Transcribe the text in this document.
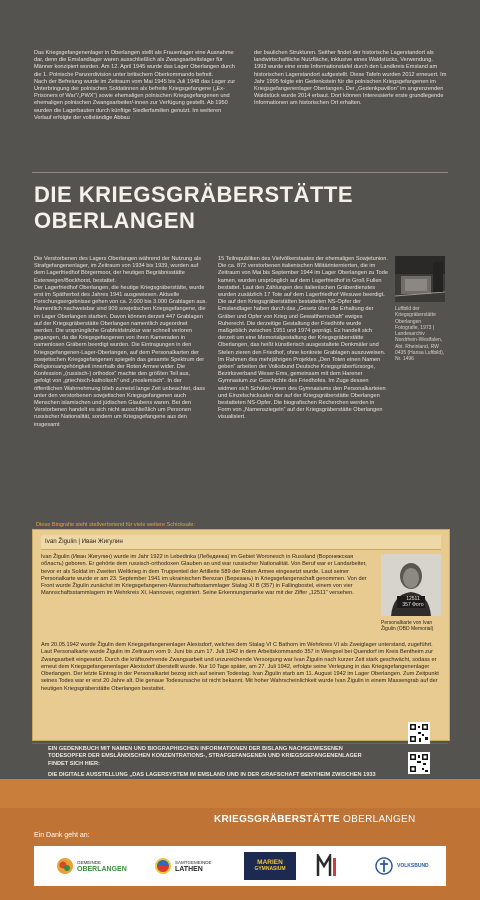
Das Kriegsgefangenenlager in Oberlangen stellt als Frauenlager eine Ausnahme dar, denn die Emslandlager waren ausschließlich als Zwangsarbeitslager für Männer konzipiert worden. Am 12. April 1945 wurde das Lager Oberlangen durch die 1. Polnische Panzerdivision unter britischem Oberkommando befreit.
Nach der Befreiung wurde im Zeitraum vom Mai 1945 bis Juli 1948 das Lager zur Unterbringung der polnischen Soldatinnen als befreite Kriegsgefangene („Ex-Prisoners of War“/„PWX“) sowie ehemaligen polnischen Kriegsgefangenen und ehemaligen polnischen Zwangsarbeiter/-innen zur Verfügung gestellt. Ab 1950 wurden die Lagerbauten durch künftige Siedlerfamilien genutzt. Im weiteren Verlauf erfolgte der vollständige Abbau
der baulichen Strukturen. Seither findet der historische Lagerstandort als landwirtschaftliche Nutzfläche, inklusive eines Waldstücks, Verwendung.
1993 wurde eine erste Informationstafel durch den Landkreis Emsland am historischen Lagerstandort aufgestellt. Diese Tafeln wurden 2012 erneuert. Im Jahr 1995 folgte ein Gedenkstein für die polnischen Kriegsgefangenen im Kriegsgefangenenlager Oberlangen. Der „Gedenkpavillon“ im angrenzenden Waldstück wurde 2014 erbaut. Dort können Interessierte erste grundlegende Informationen am historischen Ort erhalten.
DIE KRIEGSGRÄBERSTÄTTE OBERLANGEN
Die Verstorbenen des Lagers Oberlangen während der Nutzung als Strafgefangenenlager, im Zeitraum von 1934 bis 1939, wurden auf dem Lagerfriedhof Börgermoor, der heutigen Begräbnisstätte Esterwegen/Bockhorst, bestattet.
Der Lagerfriedhof Oberlangen, die heutige Kriegsgräberstätte, wurde erst im Spätherbst des Jahres 1941 ausgewiesen. Aktuelle Forschungsergebnisse gehen von ca. 2.000 bis 3.000 Grablagen aus. Namentlich nachweisbar sind 909 sowjetischen Kriegsgefangene, die im Lager Oberlangen starben. Davon können derzeit 447 Grablagen auf der Kriegsgräberstätte Oberlangen namentlich zugeordnet werden. Die ursprüngliche Grabfeldstruktur war schnell verloren gegangen, da die Kriegsgefangenen von ihren Kameraden in namenlosen Gräbern beerdigt wurden. Die Eintragungen in den Kriegsgefangenen-Lager-Oberlangen, auf dem Personalkarten der sowjetischen Kriegsgefangenen spiegeln das gesamte Spektrum der Religionsangehörigkeit innerhalb der Roten Armee wider. Die Konfession „(russisch-) orthodox“ machte den größten Teil aus, gefolgt von „griechisch-katholisch“ und „moslemisch“. In der öffentlichen Wahrnehmung blieb zumeist lange Zeit unbeachtet, dass unter den verstorbenen sowjetischen Kriegsgefangenen auch Menschen islamischen und jüdischen Glaubens waren. Bei den Verstorbenen handelt es sich nicht ausschließlich um Personen russischer Nationalität, sondern um Kriegsgefangene aus den insgesamt
15 Teilrepubliken des Vielvölkerstaates der ehemaligen Sowjetunion.
Die ca. 872 verstorbenen italienischen Militärinternierten, die im Zeitraum von Mai bis September 1944 im Lager Oberlangen zu Tode kamen, wurden ursprünglich auf dem Lagerfriedhof in Groß Fullen bestattet. Laut den Zählungen des italienischen Gräberdienstes wurden zusätzlich 17 Tote auf dem Lagerfriedhof Wesuwe beerdigt.
Die auf den Kriegsgräberstätten bestatteten NS-Opfer der Emslandlager haben durch das „Gesetz über die Erhaltung der Gräber und Opfer von Krieg und Gewaltherrschaft“ ewiges Ruherecht. Die derzeitige Gestaltung der Friedhöfe wurde maßgeblich zwischen 1951 und 1974 geprägt. Es handelt sich derzeit um eine Memorialgestaltung der Kriegsgräberstätte Oberlangen, das heißt künstlerisch ausgestaltete Denkmäler und Stelen zieren den Friedhof, ohne konkrete Grablagen auszuweisen. Im Rahmen des mehrjährigen Projektes „Den Toten einen Namen geben“ arbeiten der Volksbund Deutsche Kriegsgräberfürsorge, Bezirksverband Weser-Ems, gemeinsam mit dem Harener Gymnasium zur Geschichte des Friedhofes. Im Zuge dessen widmen sich Schüler/-innen des Gymnasiums den Personalkarteien und Einzelschicksalen der auf der Kriegsgräberstätte Oberlangen bestatteten NS-Opfer. Die biografischen Recherchen werden in Form von „Namensziegeln“ auf der Kriegsgräberstätte Oberlangen visualisiert.
Luftbild der Kriegsgräberstätte Oberlangen
Fotografie, 1973 | Landesarchiv Nordrhein-Westfalen, Abt. Rheinland, RW 0435 (Hansa Luftbild), Nr. 1496
Diese Biografie steht stellvertretend für viele weitere Schicksale:
Ivan Žigulin | Иван Жигулин
Ivan Žigulin (Иван Жигулин) wurde im Jahr 1922 in Lebedinka (Лебединка) im Gebiet Woronesch in Russland (Воронежская область) geboren. Er gehörte dem russisch-orthodoxen Glauben an und war russischer Nationalität. Von Beruf war er Landarbeiter, bevor er als Soldat im Zweiten Weltkrieg in dem Truppenteil der Artillerie 589 der Roten Armee eingesetzt wurde. Laut seiner Personalkarte wurde er am 23. September 1941 im ukrainischen Berezan (Березань) in Kriegsgefangenschaft genommen. Von der Front wurde Žigulin zunächst im Kriegsgefangenen-Mannschaftsstammlager Stalag XI B (357) in Fallingbostel, einem von vier Mannschaftsstammlagern im Wehrkreis XI, Hannover, registriert. Seine Erkennungsmarke war mit der Ziffer „12511“ versehen.
12511
357 Фото
Personalkarte von Ivan Žigulin (OBD Memorial)
Am 20.05.1942 wurde Žigulin dem Kriegsgefangenenlager Alexisdorf, welches dem Stalag VI C Bathorn im Wehrkreis VI als Zweiglager unterstand, zugeführt. Laut Personalkarte wurde Žigulin im Zeitraum vom 9. Juni bis zum 17. Juli 1942 in dem Arbeitskommando 357 in Wengsel bei Quendorf im Kreis Bentheim zur Zwangsarbeit eingesetzt. Durch die kräftezehrende Zwangsarbeit und unzureichende Versorgung war Ivan Žigulin nach kurzer Zeit stark geschwächt, sodass er erneut dem Kriegsgefangenenlager Alexisdorf überstellt wurde. Nur 10 Tage später, am 27. Juli 1942, erfolgte seine Verlegung in das Kriegsgefangenenlager Oberlangen. Der letzte Eintrag in der Personalkartei bezog sich auf seinen Todestag. Ivan Žigulin starb am 11. August 1942 im Lager Oberlangen. Zum Zeitpunkt seines Todes war er erst 20 Jahre alt. Die genaue Todesursache ist nicht bekannt. Mit hoher Wahrscheinlichkeit wurde Ivan Žigulin in einem Massengrab auf der heutigen Kriegsgräberstätte Oberlangen bestattet.
EIN GEDENKBUCH MIT NAMEN UND BIOGRAPHISCHEN INFORMATIONEN DER BISLANG NACHGEWIESENEN TODESOPFER DER EMSLÄNDISCHEN KONZENTRATIONS-, STRAFGEFANGENEN UND KRIEGSGEFANGENENLAGER FINDET SICH HIER:
DIE DIGITALE AUSSTELLUNG „DAS LAGERSYSTEM IM EMSLAND UND IN DER GRAFSCHAFT BENTHEIM ZWISCHEN 1933
KRIEGSGRÄBERSTÄTTE OBERLANGEN
Ein Dank geht an:
GEMEINDE
OBERLANGEN
SAMTGEMEINDE
LATHEN
MARIEN
GYMNASIUM
VOLKSBUND
